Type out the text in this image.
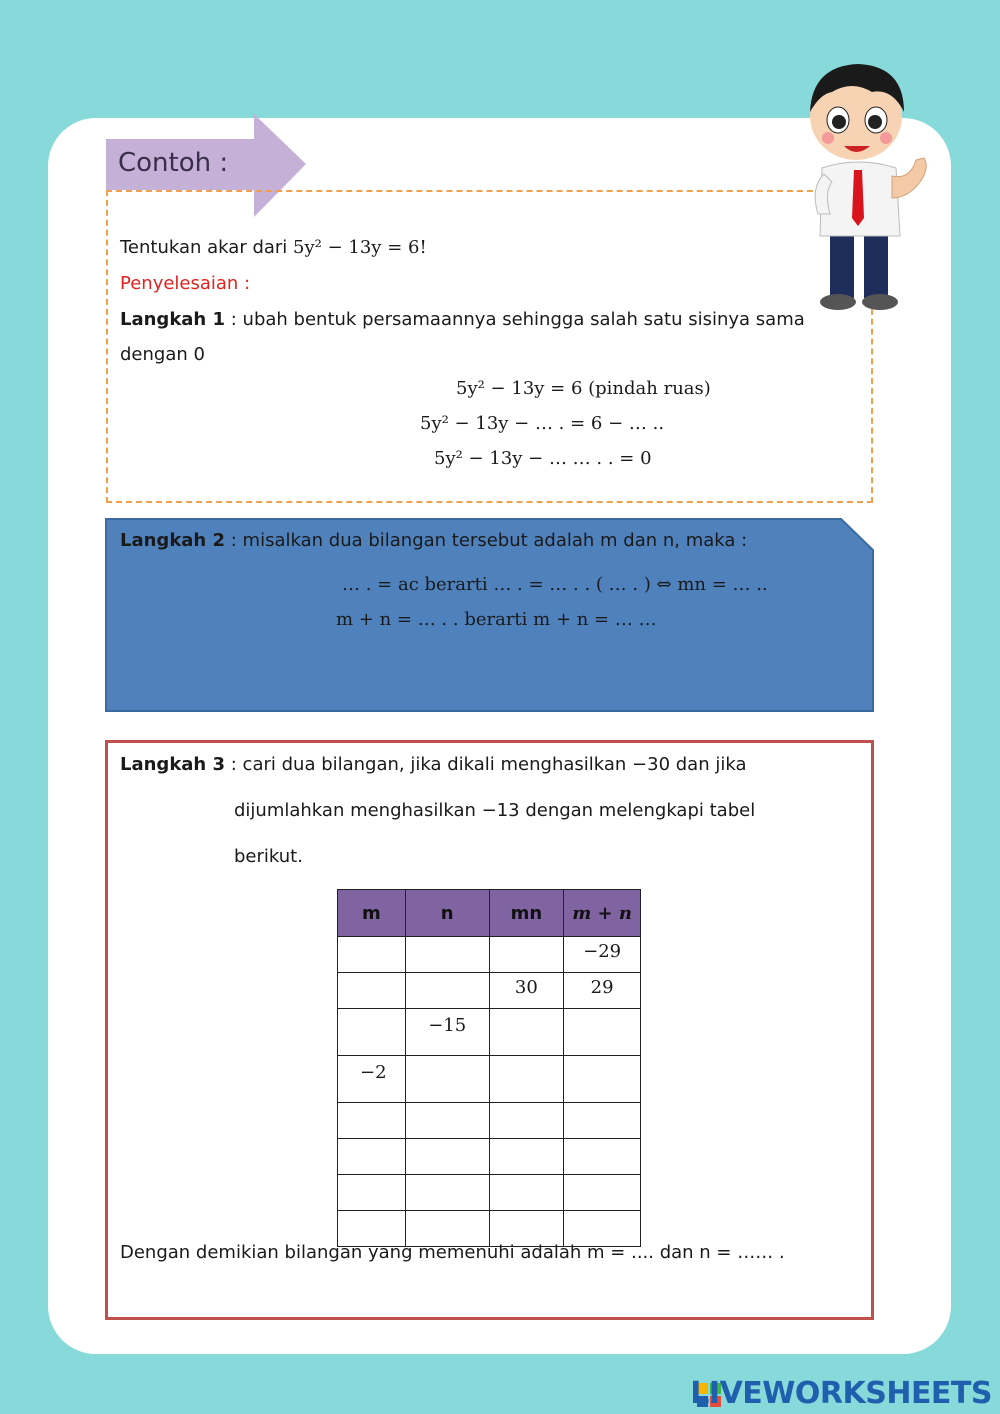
Contoh :
Tentukan akar dari 5y² − 13y = 6!
Penyelesaian :
Langkah 1 : ubah bentuk persamaannya sehingga salah satu sisinya sama
dengan 0
5y² − 13y = 6 (pindah ruas)
5y² − 13y − … . = 6 − … ..
5y² − 13y − … … . . = 0
Langkah 2 : misalkan dua bilangan tersebut adalah m dan n, maka :
… . = ac berarti … . = … . . ( … . ) ⇔ mn = … ..
m + n = … . . berarti m + n = … …
Langkah 3 : cari dua bilangan, jika dikali menghasilkan −30 dan jika
dijumlahkan menghasilkan −13 dengan melengkapi tabel
berikut.
m	n	mn	m + n
			−29
		30	29
	−15		
−2			

Dengan demikian bilangan yang memenuhi adalah m = .... dan n = …… .
LIVEWORKSHEETS
